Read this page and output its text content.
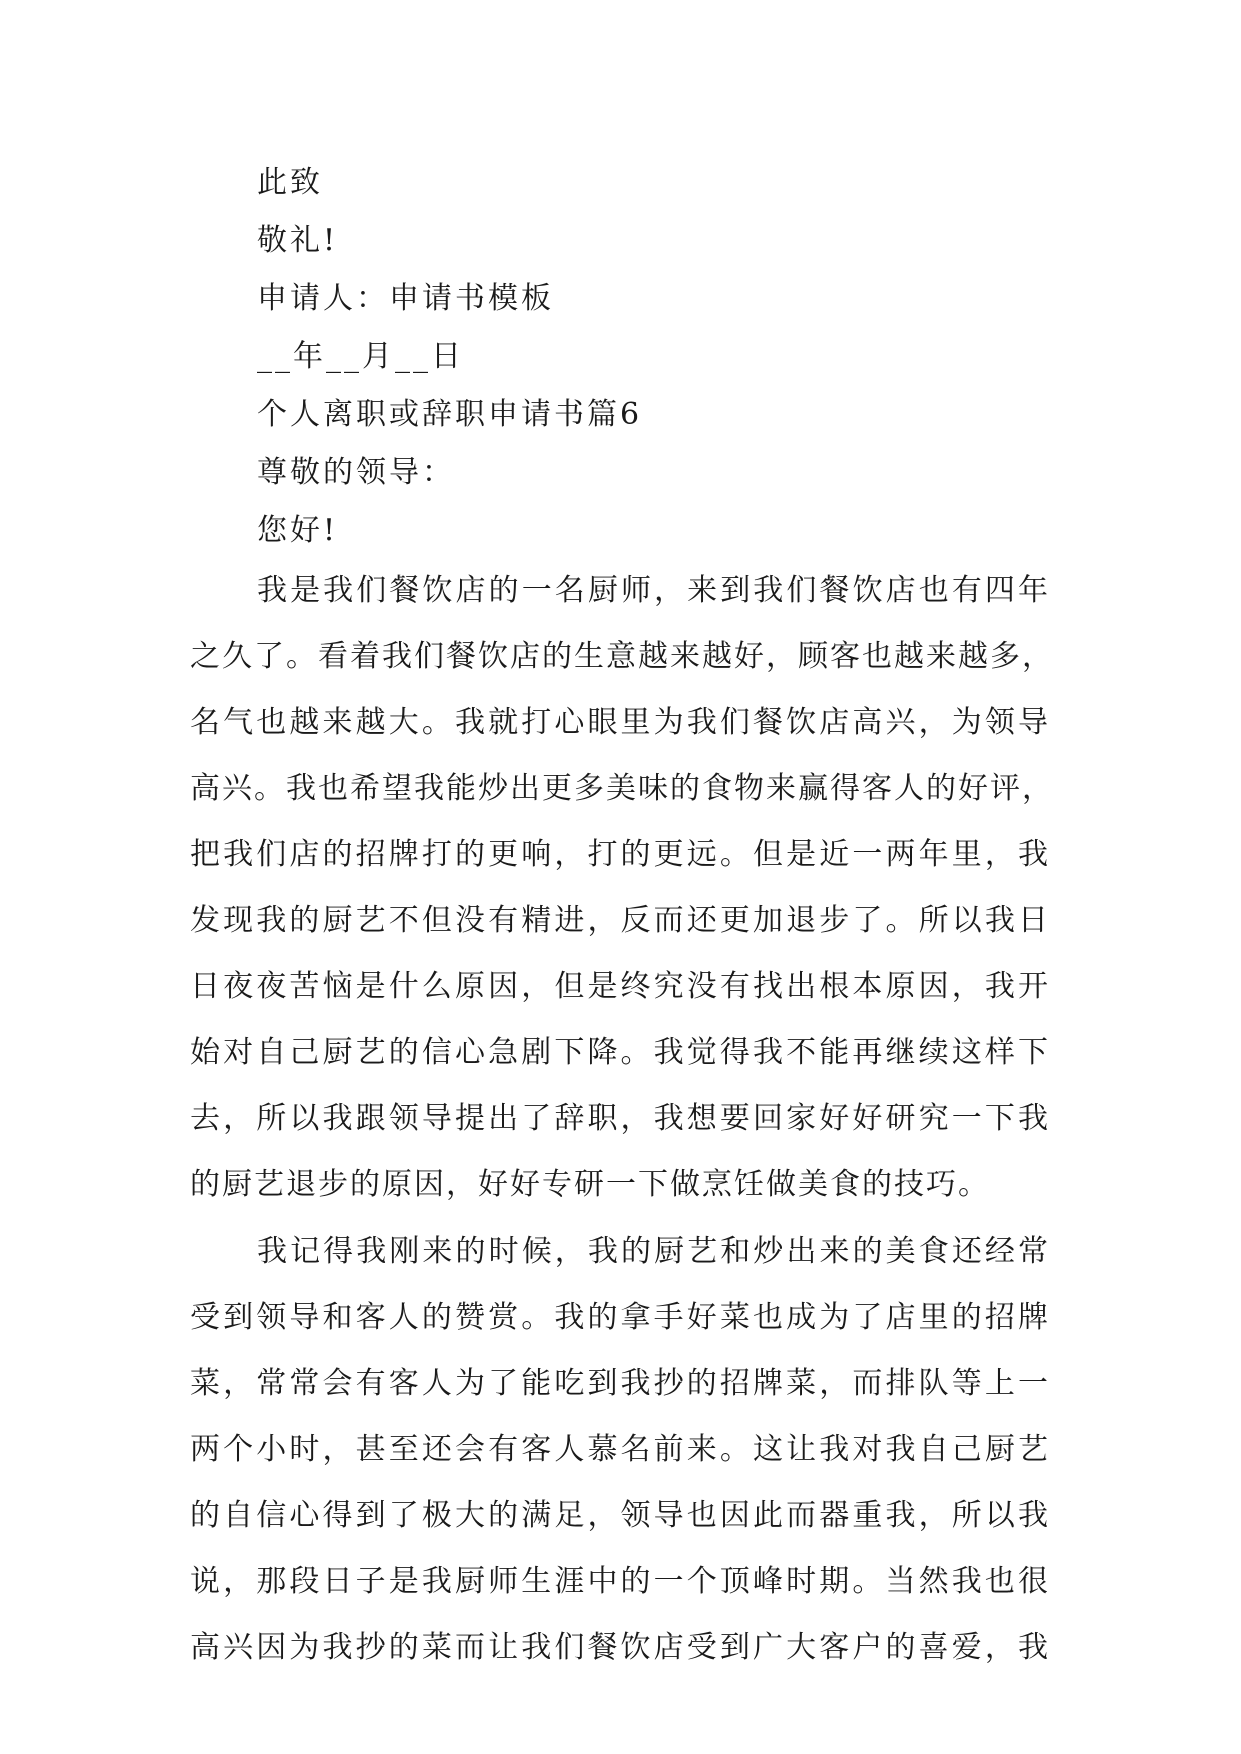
此致

敬礼!

申请人：申请书模板

__年__月__日

个人离职或辞职申请书篇6

尊敬的领导：

您好!

我是我们餐饮店的一名厨师，来到我们餐饮店也有四年
之久了。看着我们餐饮店的生意越来越好，顾客也越来越多，
名气也越来越大。我就打心眼里为我们餐饮店高兴，为领导
高兴。我也希望我能炒出更多美味的食物来赢得客人的好评，
把我们店的招牌打的更响，打的更远。但是近一两年里，我
发现我的厨艺不但没有精进，反而还更加退步了。所以我日
日夜夜苦恼是什么原因，但是终究没有找出根本原因，我开
始对自己厨艺的信心急剧下降。我觉得我不能再继续这样下
去，所以我跟领导提出了辞职，我想要回家好好研究一下我
的厨艺退步的原因，好好专研一下做烹饪做美食的技巧。
我记得我刚来的时候，我的厨艺和炒出来的美食还经常
受到领导和客人的赞赏。我的拿手好菜也成为了店里的招牌
菜，常常会有客人为了能吃到我抄的招牌菜，而排队等上一
两个小时，甚至还会有客人慕名前来。这让我对我自己厨艺
的自信心得到了极大的满足，领导也因此而器重我，所以我
说，那段日子是我厨师生涯中的一个顶峰时期。当然我也很
高兴因为我抄的菜而让我们餐饮店受到广大客户的喜爱，我
